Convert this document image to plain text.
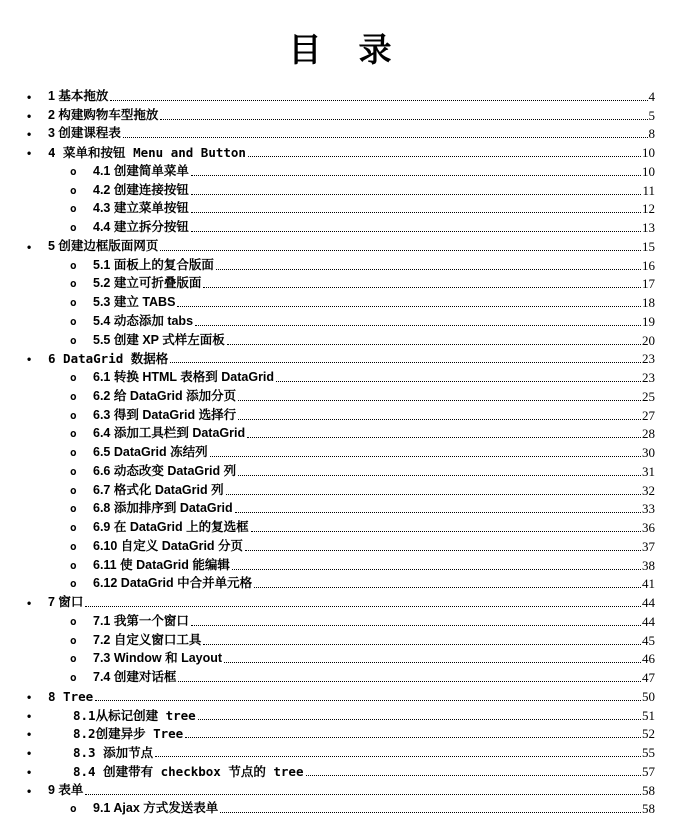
目　录
•	1 基本拖放	4
•	2 构建购物车型拖放	5
•	3 创建课程表	8
•	4 菜单和按钮 Menu and Button	10
o	4.1 创建简单菜单	10
o	4.2 创建连接按钮	11
o	4.3 建立菜单按钮	12
o	4.4 建立拆分按钮	13
•	5 创建边框版面网页	15
o	5.1 面板上的复合版面	16
o	5.2 建立可折叠版面	17
o	5.3 建立 TABS	18
o	5.4 动态添加 tabs	19
o	5.5 创建 XP 式样左面板	20
•	6 DataGrid 数据格	23
o	6.1 转换 HTML 表格到 DataGrid	23
o	6.2 给 DataGrid 添加分页	25
o	6.3 得到 DataGrid 选择行	27
o	6.4 添加工具栏到 DataGrid	28
o	6.5 DataGrid 冻结列	30
o	6.6 动态改变 DataGrid 列	31
o	6.7 格式化 DataGrid 列	32
o	6.8 添加排序到 DataGrid	33
o	6.9 在 DataGrid 上的复选框	36
o	6.10 自定义 DataGrid 分页	37
o	6.11 使 DataGrid 能编辑	38
o	6.12 DataGrid 中合并单元格	41
•	7 窗口	44
o	7.1 我第一个窗口	44
o	7.2 自定义窗口工具	45
o	7.3 Window 和 Layout	46
o	7.4 创建对话框	47
•	8 Tree	50
•	8.1从标记创建 tree	51
•	8.2创建异步 Tree	52
•	8.3 添加节点	55
•	8.4 创建带有 checkbox 节点的 tree	57
•	9 表单	58
o	9.1 Ajax 方式发送表单	58
